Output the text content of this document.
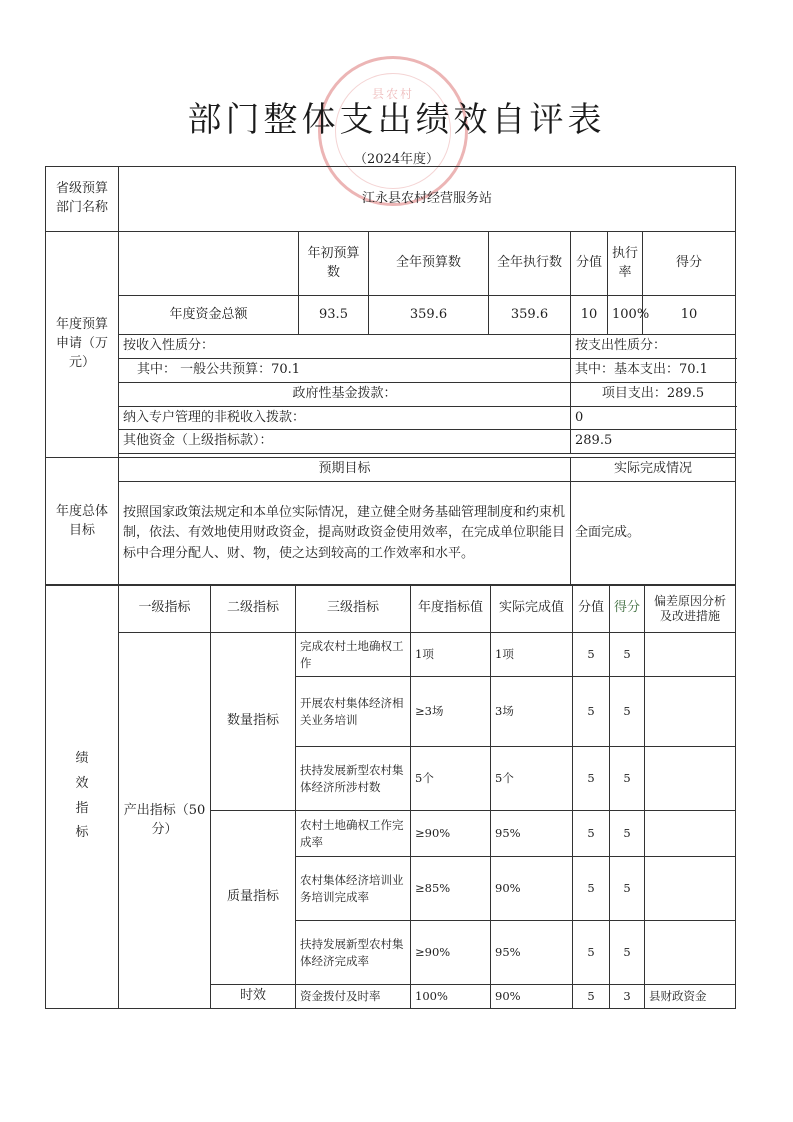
县农村
部门整体支出绩效自评表
（2024年度）
省级预算部门名称	江永县农村经营服务站						
年度预算申请（万元）		年初预算数	全年预算数	全年执行数	分值	执行率	得分
	年度资金总额	93.5	359.6	359.6	10	100%	10
	按收入性质分：				按支出性质分：		
	其中： 一般公共预算：70.1				其中：基本支出：70.1		
	政府性基金拨款：				项目支出：289.5		
	纳入专户管理的非税收入拨款：				0		
	其他资金（上级指标款）：				289.5		

年度总体目标	预期目标				实际完成情况		
	按照国家政策法规定和本单位实际情况，建立健全财务基础管理制度和约束机制，依法、有效地使用财政资金，提高财政资金使用效率，在完成单位职能目标中合理分配人、财、物，使之达到较高的工作效率和水平。				全面完成。		
绩效指标	一级指标	二级指标	三级指标	年度指标值	实际完成值	分值	得分	偏差原因分析及改进措施
	产出指标（50分）	数量指标	完成农村土地确权工作	1项	1项	5	5	
			开展农村集体经济相关业务培训	≥3场	3场	5	5	
			扶持发展新型农村集体经济所涉村数	5个	5个	5	5	
		质量指标	农村土地确权工作完成率	≥90%	95%	5	5	
			农村集体经济培训业务培训完成率	≥85%	90%	5	5	
			扶持发展新型农村集体经济完成率	≥90%	95%	5	5	
		时效	资金拨付及时率	100%	90%	5	3	县财政资金
